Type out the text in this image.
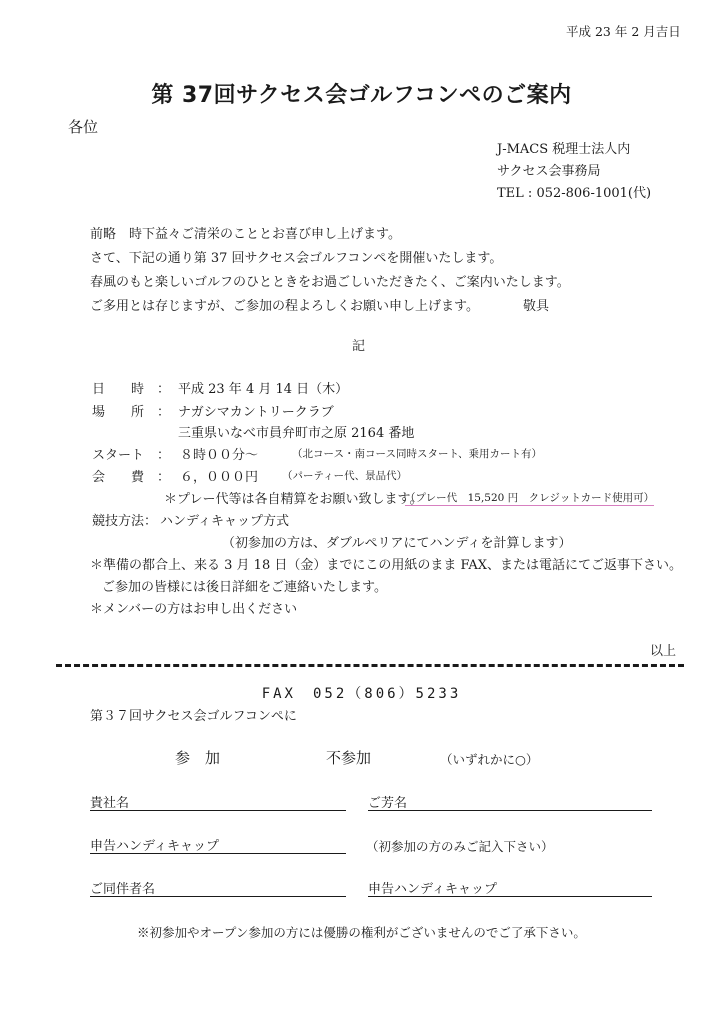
平成 23 年 2 月吉日
第 37回サクセス会ゴルフコンペのご案内
各位
J-MACS 税理士法人内
サクセス会事務局
TEL : 052-806-1001(代)
前略　時下益々ご清栄のこととお喜び申し上げます。
さて、下記の通り第 37 回サクセス会ゴルフコンペを開催いたします。
春風のもと楽しいゴルフのひとときをお過ごしいただきたく、ご案内いたします。
ご多用とは存じますが、ご参加の程よろしくお願い申し上げます。	敬具
記
日　　時　： 平成 23 年 4 月 14 日（木）
場　　所　： ナガシマカントリークラブ
三重県いなべ市員弁町市之原 2164 番地
スタート　： ８時００分～	（北コース・南コース同時スタート、乗用カート有）
会　　費　： ６，０００円 （パーティー代、景品代）
＊プレー代等は各自精算をお願い致します。
（プレー代　15,520 円　クレジットカード使用可）
競技方法： ハンディキャップ方式
（初参加の方は、ダブルペリアにてハンディを計算します）
＊準備の都合上、来る 3 月 18 日（金）までにこの用紙のまま FAX、または電話にてご返事下さい。
ご参加の皆様には後日詳細をご連絡いたします。
＊メンバーの方はお申し出ください
以上
FAX　052（806）5233
第３７回サクセス会ゴルフコンペに
参　加	不参加	（いずれかに○）
貴社名	ご芳名
申告ハンディキャップ	（初参加の方のみご記入下さい）
ご同伴者名	申告ハンディキャップ
※初参加やオープン参加の方には優勝の権利がございませんのでご了承下さい。
